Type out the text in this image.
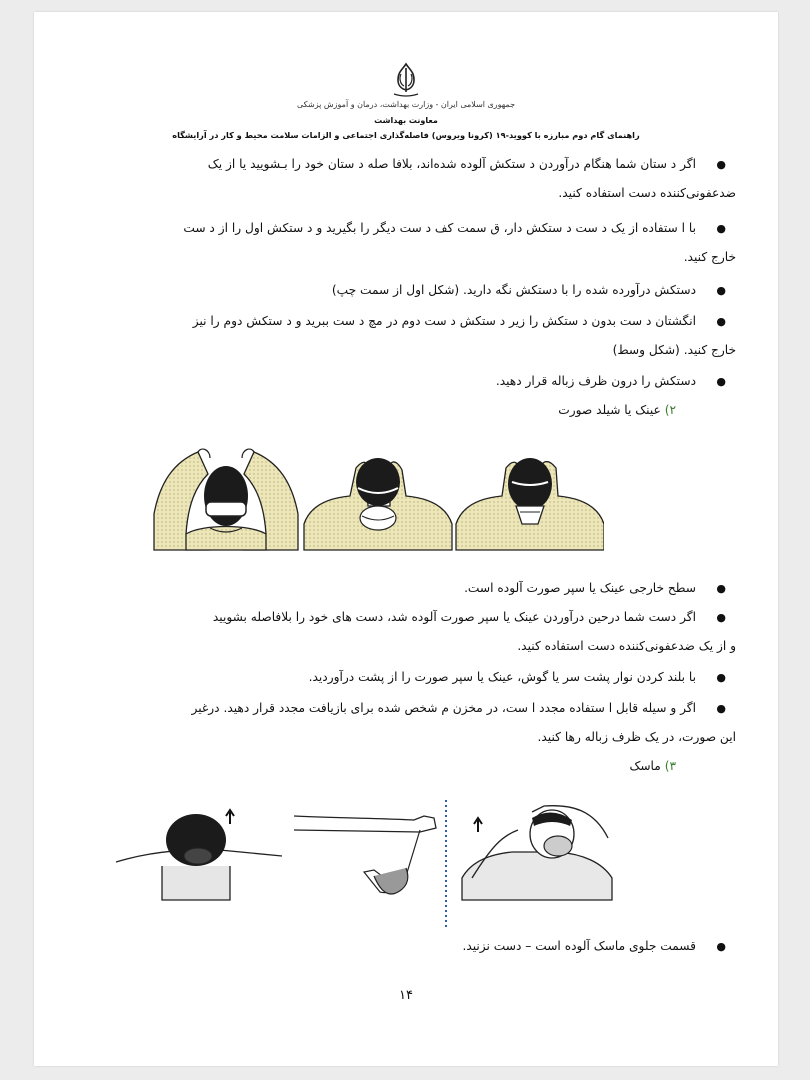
ﺟﻤﻬﻮری اﺳﻼﻣﯽ اﯾﺮان - وزارت ﺑﻬﺪاﺷﺖ، درﻣﺎن و آﻣﻮزش ﭘﺰﺷﮑﯽ
معاونت بهداشت
راهنمای گام دوم مبارزه با کووید-۱۹ (کرونا ویروس) فاصله‌گذاری اجتماعی و الزامات سلامت محیط و کار در آرایشگاه
●

اگر د ستان شما هنگام درآوردن د ستکش آلوده شده‌اند، بلافا صله د ستان خود را بـشویید یا از یک

ضدعفونی‌کننده دست استفاده کنید.

●

با ا ستفاده از یک د ست د ستکش دار، ق سمت کف د ست دیگر را بگیرید و د ستکش اول را از د ست

خارج کنید.

●

دستکش درآورده شده را با دستکش نگه دارید. (شکل اول از سمت چپ)

●

انگشتان د ست بدون د ستکش را زیر د ستکش د ست دوم در مچ د ست ببرید و د ستکش دوم را نیز

خارج کنید. (شکل وسط)

●

دستکش را درون ظرف زباله قرار دهید.

۲) عینک یا شیلد صورت
●

سطح خارجی عینک یا سپر صورت آلوده است.

●

اگر دست شما درحین درآوردن عینک یا سپر صورت آلوده شد، دست های خود را بلافاصله بشویید

و از یک ضدعفونی‌کننده دست استفاده کنید.

●

با بلند کردن نوار پشت سر یا گوش، عینک یا سپر صورت را از پشت درآوردید.

●

اگر و سیله قابل ا ستفاده مجدد ا ست، در مخزن م شخص شده برای بازیافت مجدد قرار دهید. درغیر

این صورت، در یک ظرف زباله رها کنید.

۳) ماسک
●

قسمت جلوی ماسک آلوده است – دست نزنید.

۱۴
